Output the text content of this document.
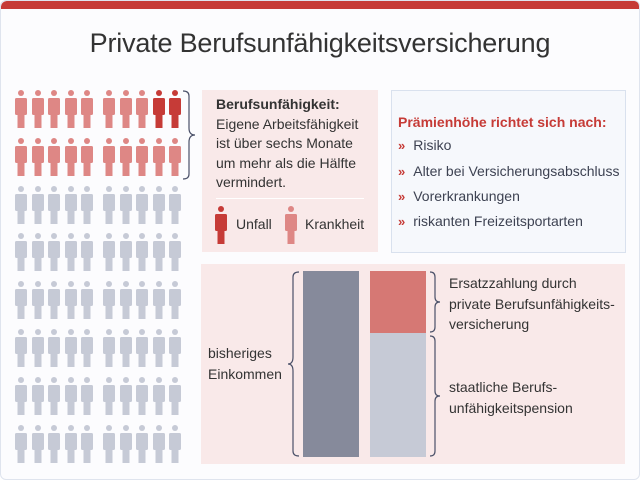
Private Berufsunfähigkeitsversicherung
Berufsunfähigkeit:
Eigene Arbeitsfähigkeit
ist über sechs Monate
um mehr als die Hälfte
vermindert.
Unfall Krankheit
Prämienhöhe richtet sich nach:
» Risiko
» Alter bei Versicherungsabschluss
» Vorerkrankungen
» riskanten Freizeitsportarten
bisheriges
Einkommen
Ersatzzahlung durch
private Berufsunfähigkeits-
versicherung
staatliche Berufs-
unfähigkeitspension
